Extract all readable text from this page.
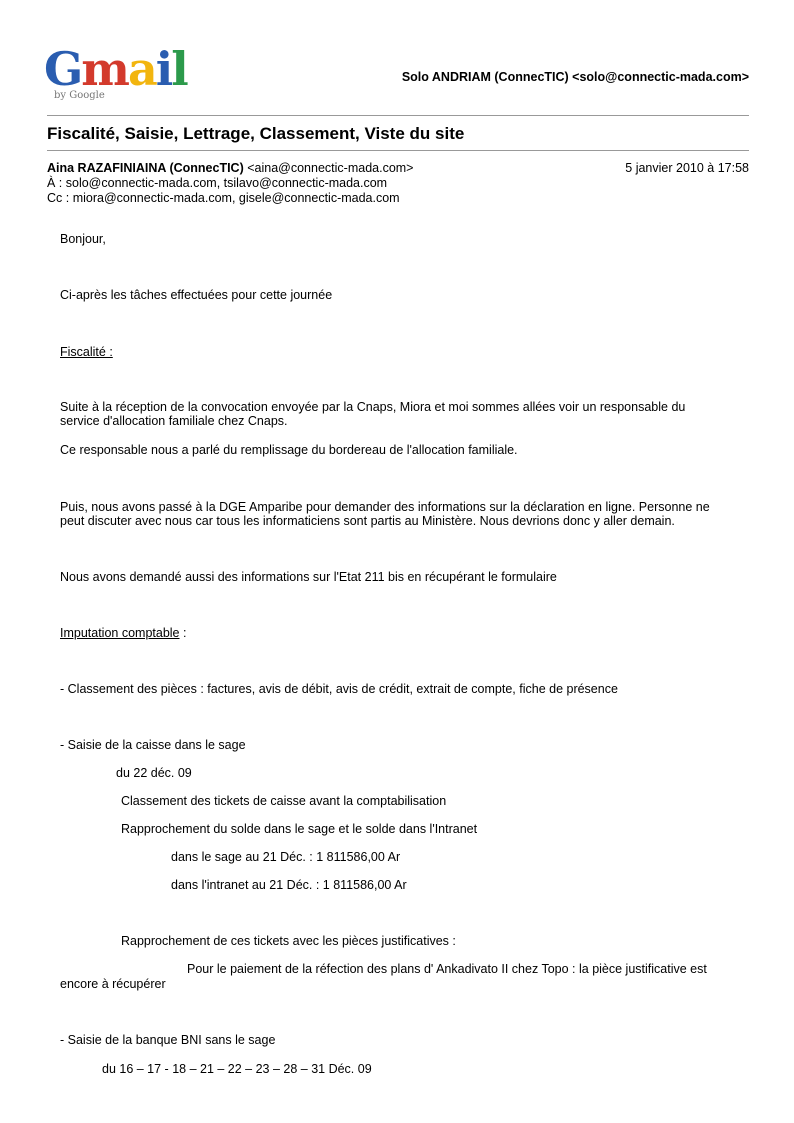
Gmail
by Google
Solo ANDRIAM (ConnecTIC) <solo@connectic-mada.com>
Fiscalité, Saisie, Lettrage, Classement, Viste du site
Aina RAZAFINIAINA (ConnecTIC) <aina@connectic-mada.com>	5 janvier 2010 à 17:58
À : solo@connectic-mada.com, tsilavo@connectic-mada.com
Cc : miora@connectic-mada.com, gisele@connectic-mada.com
Bonjour,
Ci-après les tâches effectuées pour cette journée
Fiscalité :
Suite à la réception de la convocation envoyée par la Cnaps, Miora et moi sommes allées voir un responsable du
service d'allocation familiale chez Cnaps.
Ce responsable nous a parlé du remplissage du bordereau de l'allocation familiale.
Puis, nous avons passé à la DGE Amparibe pour demander des informations sur la déclaration en ligne. Personne ne
peut discuter avec nous car tous les informaticiens sont partis au Ministère. Nous devrions donc y aller demain.
Nous avons demandé aussi des informations sur l'Etat 211 bis en récupérant le formulaire
Imputation comptable :
- Classement des pièces : factures, avis de débit, avis de crédit, extrait de compte, fiche de présence
- Saisie de la caisse dans le sage
du 22 déc. 09
Classement des tickets de caisse avant la comptabilisation
Rapprochement du solde dans le sage et le solde dans l'Intranet
dans le sage au 21 Déc. : 1 811586,00 Ar
dans l'intranet au 21 Déc. : 1 811586,00 Ar
Rapprochement de ces tickets avec les pièces justificatives :
Pour le paiement de la réfection des plans d' Ankadivato II chez Topo : la pièce justificative est
encore à récupérer
- Saisie de la banque BNI sans le sage
du 16 – 17 - 18 – 21 – 22 – 23 – 28 – 31 Déc. 09
